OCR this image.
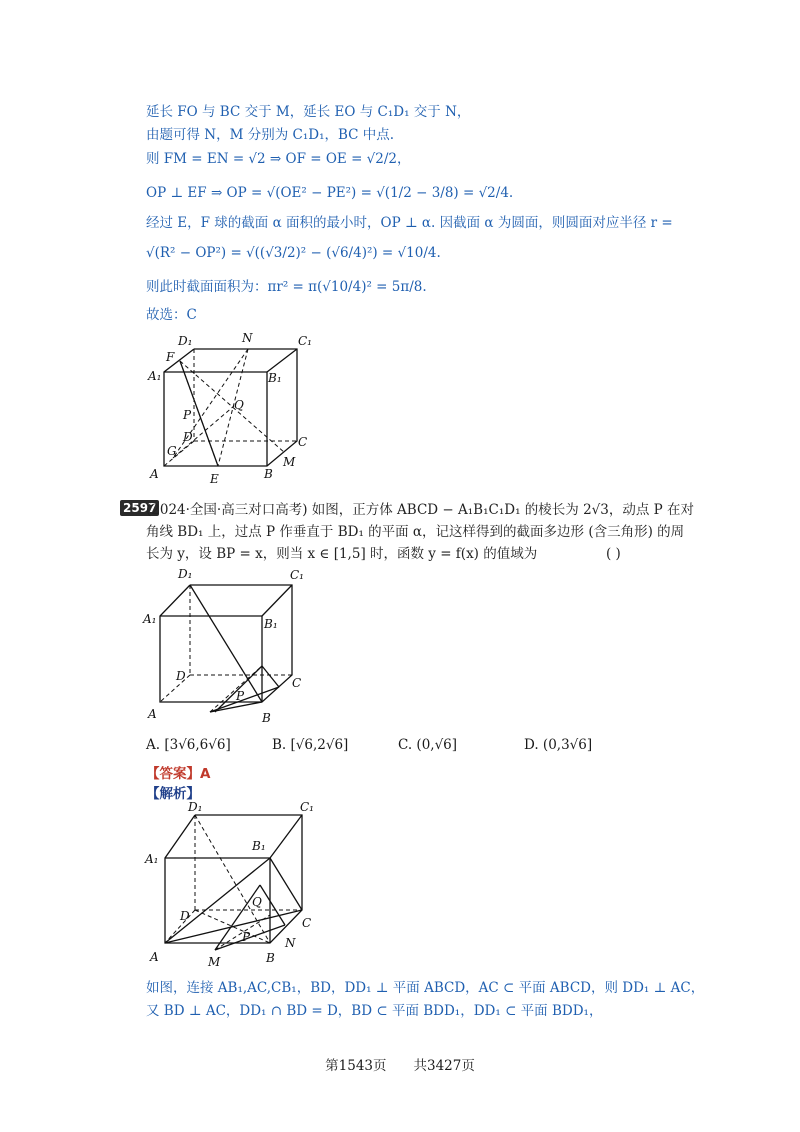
延长 FO 与 BC 交于 M，延长 EO 与 C₁D₁ 交于 N，
由题可得 N，M 分别为 C₁D₁，BC 中点.
则 FM = EN = √2 ⇒ OF = OE = √2/2，
OP ⊥ EF ⇒ OP = √(OE² − PE²) = √(1/2 − 3/8) = √2/4.
经过 E，F 球的截面 α 面积的最小时，OP ⊥ α. 因截面 α 为圆面，则圆面对应半径 r =
√(R² − OP²) = √((√3/2)² − (√6/4)²) = √10/4.
则此时截面面积为：πr² = π(√10/4)² = 5π/8.
故选：C
D₁	N	C₁
F
A₁	B₁
Q
P
D	C
G
M
A	E	B
2597
(2024·全国·高三对口高考) 如图，正方体 ABCD − A₁B₁C₁D₁ 的棱长为 2√3，动点 P 在对
角线 BD₁ 上，过点 P 作垂直于 BD₁ 的平面 α，记这样得到的截面多边形 (含三角形) 的周
长为 y，设 BP = x，则当 x ∈ [1,5] 时，函数 y = f(x) 的值域为	( )
D₁	C₁
A₁	B₁
D	C
P
A	B
A. [3√6,6√6]	B. [√6,2√6]	C. (0,√6]	D. (0,3√6]
【答案】A
【解析】
D₁	C₁
A₁
B₁
Q
D	C
P	N
A	M	B
如图，连接 AB₁,AC,CB₁，BD，DD₁ ⊥ 平面 ABCD，AC ⊂ 平面 ABCD，则 DD₁ ⊥ AC，
又 BD ⊥ AC，DD₁ ∩ BD = D，BD ⊂ 平面 BDD₁，DD₁ ⊂ 平面 BDD₁，
第1543页　　共3427页
